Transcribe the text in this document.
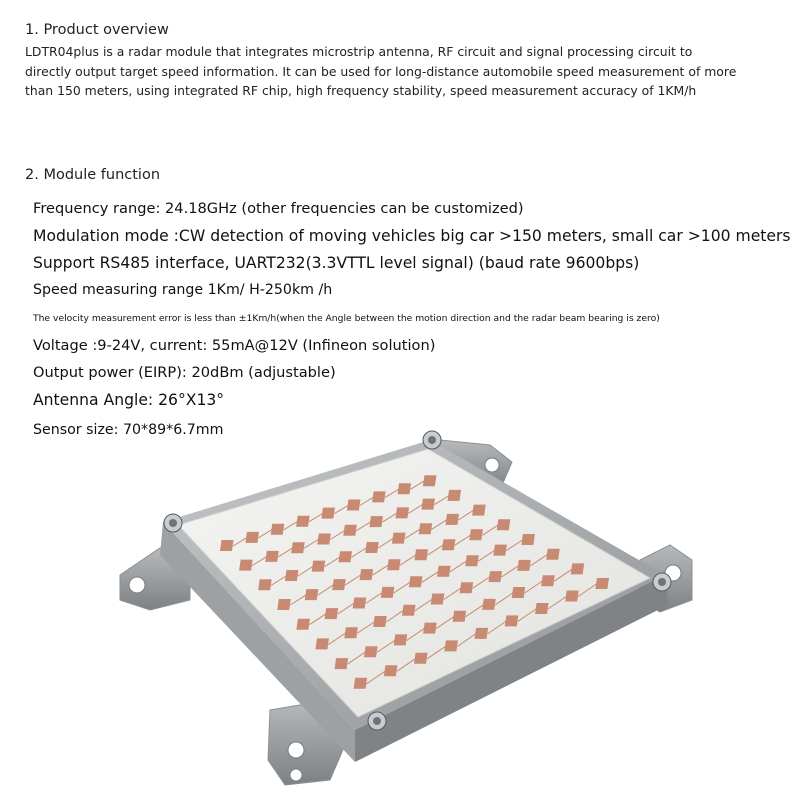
1. Product overview
LDTR04plus is a radar module that integrates microstrip antenna, RF circuit and signal processing circuit to
directly output target speed information. It can be used for long-distance automobile speed measurement of more
than 150 meters, using integrated RF chip, high frequency stability, speed measurement accuracy of 1KM/h
2. Module function
Frequency range: 24.18GHz (other frequencies can be customized)
Modulation mode :CW detection of moving vehicles big car >150 meters, small car >100 meters
Support RS485 interface, UART232(3.3VTTL level signal) (baud rate 9600bps)
Speed measuring range 1Km/ H-250km /h
The velocity measurement error is less than ±1Km/h(when the Angle between the motion direction and the radar beam bearing is zero)
Voltage :9-24V, current: 55mA@12V (Infineon solution)
Output power (EIRP): 20dBm (adjustable)
Antenna Angle: 26°X13°
Sensor size: 70*89*6.7mm
